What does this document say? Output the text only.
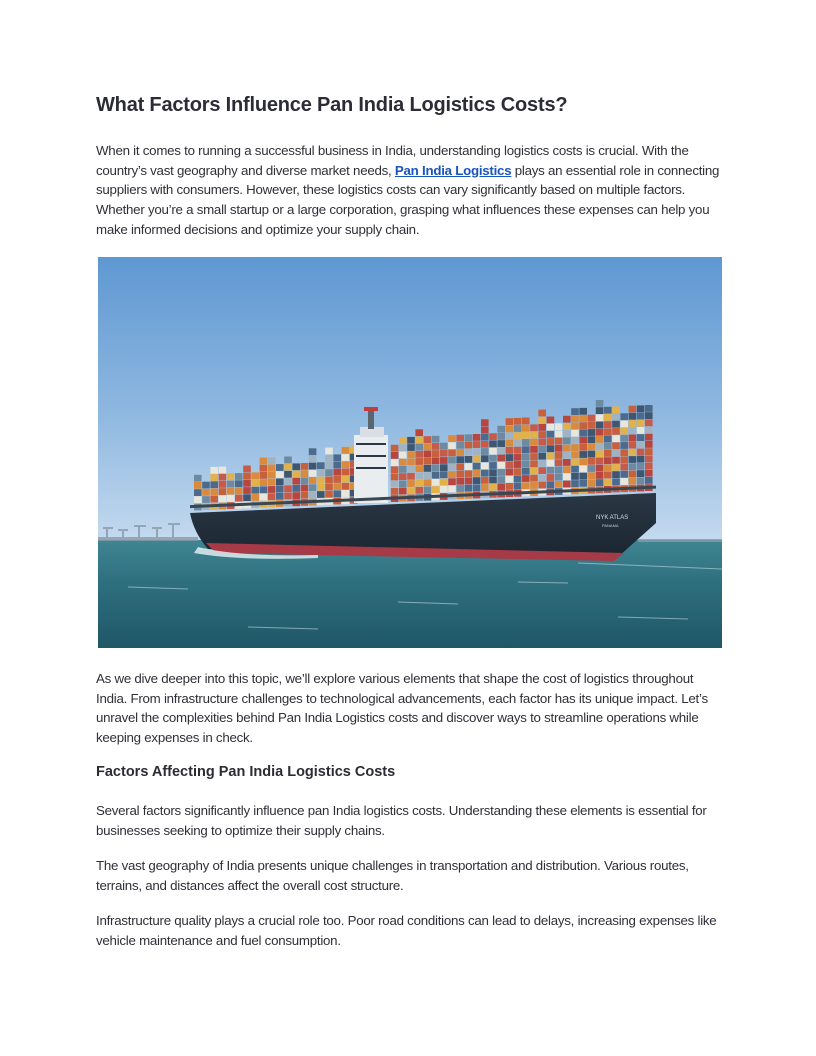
What Factors Influence Pan India Logistics Costs?

When it comes to running a successful business in India, understanding logistics costs is crucial. With the country’s vast geography and diverse market needs, Pan India Logistics plays an essential role in connecting suppliers with consumers. However, these logistics costs can vary significantly based on multiple factors. Whether you’re a small startup or a large corporation, grasping what influences these expenses can help you make informed decisions and optimize your supply chain.

NYK ATLAS
PANAMA

As we dive deeper into this topic, we’ll explore various elements that shape the cost of logistics throughout India. From infrastructure challenges to technological advancements, each factor has its unique impact. Let’s unravel the complexities behind Pan India Logistics costs and discover ways to streamline operations while keeping expenses in check.

Factors Affecting Pan India Logistics Costs

Several factors significantly influence pan India logistics costs. Understanding these elements is essential for businesses seeking to optimize their supply chains.

The vast geography of India presents unique challenges in transportation and distribution. Various routes, terrains, and distances affect the overall cost structure.

Infrastructure quality plays a crucial role too. Poor road conditions can lead to delays, increasing expenses like vehicle maintenance and fuel consumption.
